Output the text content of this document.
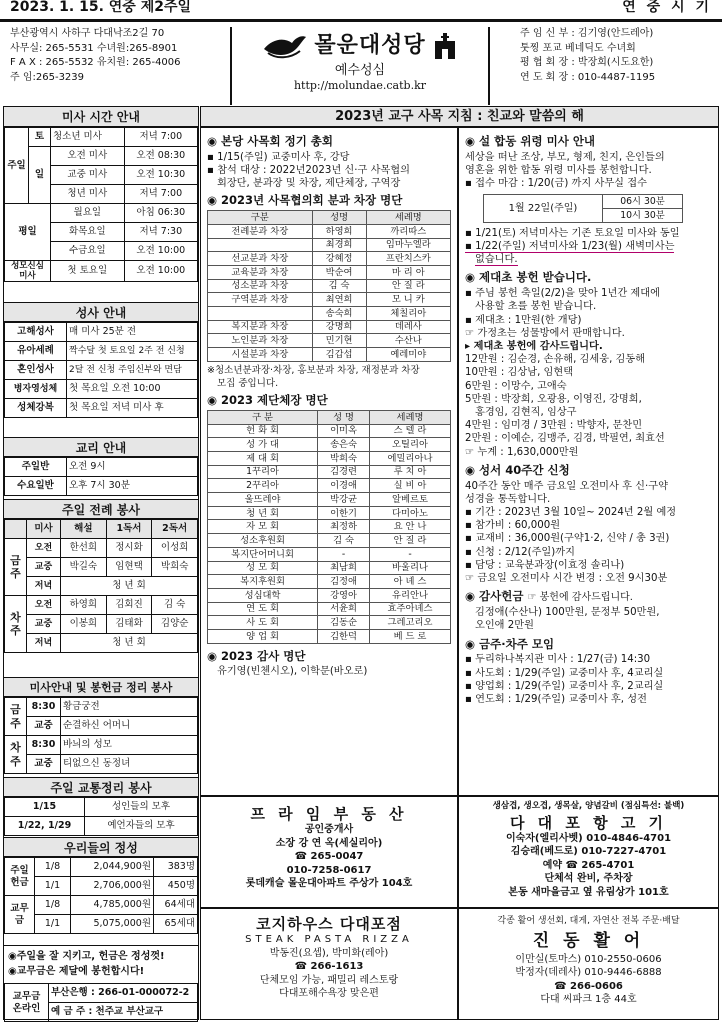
2023. 1. 15. 연중 제2주일	연 중 시 기
부산광역시 사하구 다대낙조2길 70
사무실: 265-5531 수녀원:265-8901
F A X : 265-5532 유치원: 265-4006
주 임:265-3239
몰운대성당
예수성심
http://molundae.catb.kr
주 임 신 부 : 김기영(안드레아)
툿찡 포교 베네딕도 수녀회
평 협 회 장 : 박장희(시도요한)
연 도 회 장 : 010-4487-1195
미사 시간 안내
주일	토	청소년 미사	저녁 7:00
	일	오전 미사	오전 08:30
		교중 미사	오전 10:30
		청년 미사	저녁 7:00
평일		월요일	아침 06:30
		화목요일	저녁 7:30
		수금요일	오전 10:00
성모신심미사		첫 토요일	오전 10:00
성사 안내
고해성사	매 미사 25분 전
유아세례	짝수달 첫 토요일 2주 전 신청
혼인성사	2달 전 신청 주임신부와 면담
병자영성체	첫 목요일 오전 10:00
성체강복	첫 목요일 저녁 미사 후
교리 안내
주일반	오전 9시
수요일반	오후 7시 30분
주일 전례 봉사
	미사	해설	1독서	2독서
금주	오전	한선희	정시화	이성희
	교중	박길숙	임현택	박희숙
	저녁	청 년 회		
차주	오전	하영희	김회진	김 숙
	교중	이봉희	김태화	김양순
	저녁	청 년 회		
미사안내 및 봉헌금 정리 봉사
금주	8:30	황금궁전
	교중	순결하신 어머니
차주	8:30	바늬의 성모
	교중	티없으신 동정녀
주일 교통정리 봉사
1/15	성인들의 모후
1/22, 1/29	예언자들의 모후
우리들의 정성
주일헌금	1/8	2,044,900원	383명
	1/1	2,706,000원	450명
교무금	1/8	4,785,000원	64세대
	1/1	5,075,000원	65세대
◉주일을 잘 지키고, 헌금은 정성껏!
◉교무금은 제달에 봉헌합시다!
교무금 온라인	부산은행 : 266-01-000072-2
예 금 주 : 천주교 부산교구
2023년 교구 사목 지침 : 친교와 말씀의 해
◉ 본당 사목회 정기 총회
▪ 1/15(주일) 교중미사 후, 강당
▪ 참석 대상 : 2022년2023년 신·구 사목협의
회장단, 분과장 및 차장, 제단체장, 구역장
◉ 2023년 사목협의회 분과 차장 명단
구분	성명	세례명
전례분과 차장	하영희	까리따스
	최경희	임마누엘라
선교분과 차장	강혜정	프란치스카
교육분과 차장	박순여	마 리 아
성소분과 차장	김 숙	안 질 라
구역분과 차장	최연희	모 니 카
	송숙희	체칠리아
복지분과 차장	강명희	데레사
노인분과 차장	민기현	수산나
시설분과 차장	김갑섭	예레미야
※청소년분과장·차장, 홍보분과 차장, 재정분과 차장
모집 중입니다.
◉ 2023 제단체장 명단
구 분	성 명	세례명
헌 화 회	이미옥	스 텔 라
성 가 대	송은숙	오틸리아
제 대 회	박희숙	에밀리아나
1꾸리아	김경련	루 치 아
2꾸리아	이경애	실 비 아
울뜨레야	박강균	알베르토
청 년 회	이한기	다미아노
자 모 회	최정하	요 안 나
성소후원회	김 숙	안 질 라
복지단어머니회	-	-
성 모 회	최남희	바울리나
복지후원회	김정애	아 녜 스
성심대학	강영아	유리안나
연 도 회	서윤희	효주아녜스
사 도 회	김동순	그레고리오
양 업 회	김한덕	베 드 로
◉ 2023 감사 명단
유기영(빈첸시오), 이학문(바오로)
◉ 설 합동 위령 미사 안내
세상을 떠난 조상, 부모, 형제, 친지, 은인들의
영혼을 위한 합동 위령 미사를 봉헌합니다.
▪ 접수 마감 : 1/20(금) 까지 사무실 접수
1월 22일(주일)	06시 30분
10시 30분
▪ 1/21(토) 저녁미사는 기존 토요일 미사와 동일
▪ 1/22(주일) 저녁미사와 1/23(월) 새벽미사는
없습니다.
◉ 제대초 봉헌 받습니다.
▪ 주님 봉헌 축일(2/2)을 맞아 1년간 제대에
사용할 초를 봉헌 받습니다.
▪ 제대초 : 1만원(한 개당)
☞ 가정초는 성물방에서 판매합니다.
▸ 제대초 봉헌에 감사드립니다.
12만원 : 김순경, 손유해, 김세웅, 김동해
10만원 : 김상남, 임현택
6만원 : 이망수, 고애숙
5만원 : 박장희, 오광용, 이영진, 강명희,
홍경임, 김현직, 임상구
4만원 : 임미경 / 3만원 : 박향자, 문찬민
2만원 : 이예순, 김맹주, 김경, 박필연, 최효선
☞ 누계 : 1,630,000만원
◉ 성서 40주간 신청
40주간 동안 매주 금요일 오전미사 후 신·구약
성경을 통독합니다.
▪ 기간 : 2023년 3월 10일~ 2024년 2월 예정
▪ 참가비 : 60,000원
▪ 교재비 : 36,000원(구약1·2, 신약 / 총 3권)
▪ 신청 : 2/12(주일)까지
▪ 담당 : 교육분과장(이효정 솔리나)
☞ 금요일 오전미사 시간 변경 : 오전 9시30분
◉ 감사헌금 ☞ 봉헌에 감사드립니다.
김정애(수산나) 100만원, 문정부 50만원,
오인애 2만원
◉ 금주·차주 모임
▪ 두리하나복지관 미사 : 1/27(금) 14:30
▪ 사도회 : 1/29(주일) 교중미사 후, 4교리실
▪ 양업회 : 1/29(주일) 교중미사 후, 2교리실
▪ 연도회 : 1/29(주일) 교중미사 후, 성전
프 라 임 부 동 산
공인중개사
소장 강 연 옥(세실리아)
☎ 265-0047
010-7258-0617
롯데캐슬 몰운대아파트 주상가 104호
생삼겹, 생오겹, 생목살, 양념갈비 (점심특선: 불백)
다 대 포 항 고 기
이숙자(엘리사벳) 010-4846-4701
김승래(베드로) 010-7227-4701
예약 ☎ 265-4701
단체석 완비, 주차장
본동 새마을금고 옆 유림상가 101호
코지하우스 다대포점
STEAK PASTA RIZZA
박동진(요셉), 박미화(레아)
☎ 266-1613
단체모임 가능, 패밀리 레스토랑
다대포해수욕장 맞은편
각종 활어 생선회, 대게, 자연산 전복 주문·배달
진 동 활 어
이만실(토마스) 010-2550-0606
박정자(데레사) 010-9446-6888
☎ 266-0606
다대 씨파크 1층 44호
